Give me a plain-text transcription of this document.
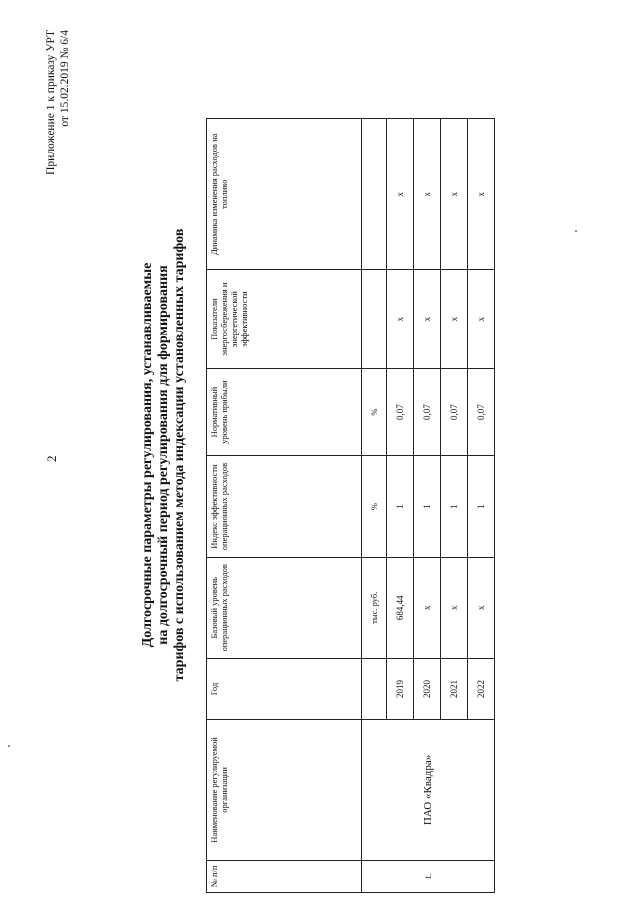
2
Приложение 1 к приказу УРТ от 15.02.2019 № 6/4
Долгосрочные параметры регулирования, устанавливаемые на долгосрочный период регулирования для формирования тарифов с использованием метода индексации установленных тарифов
№ п/п	Наименование регулируемой организации	Год	Базовый уровень операционных расходов	Индекс эффективности операционных расходов	Нормативный уровень прибыли	Показатели энергосбережения и энергетической эффективности	Динамика изменения расходов на топливо
1.	ПАО «Квадра»		тыс. руб.	%	%		
		2019	684,44	1	0,07	x	x
		2020	x	1	0,07	x	x
		2021	x	1	0,07	x	x
		2022	x	1	0,07	x	x
